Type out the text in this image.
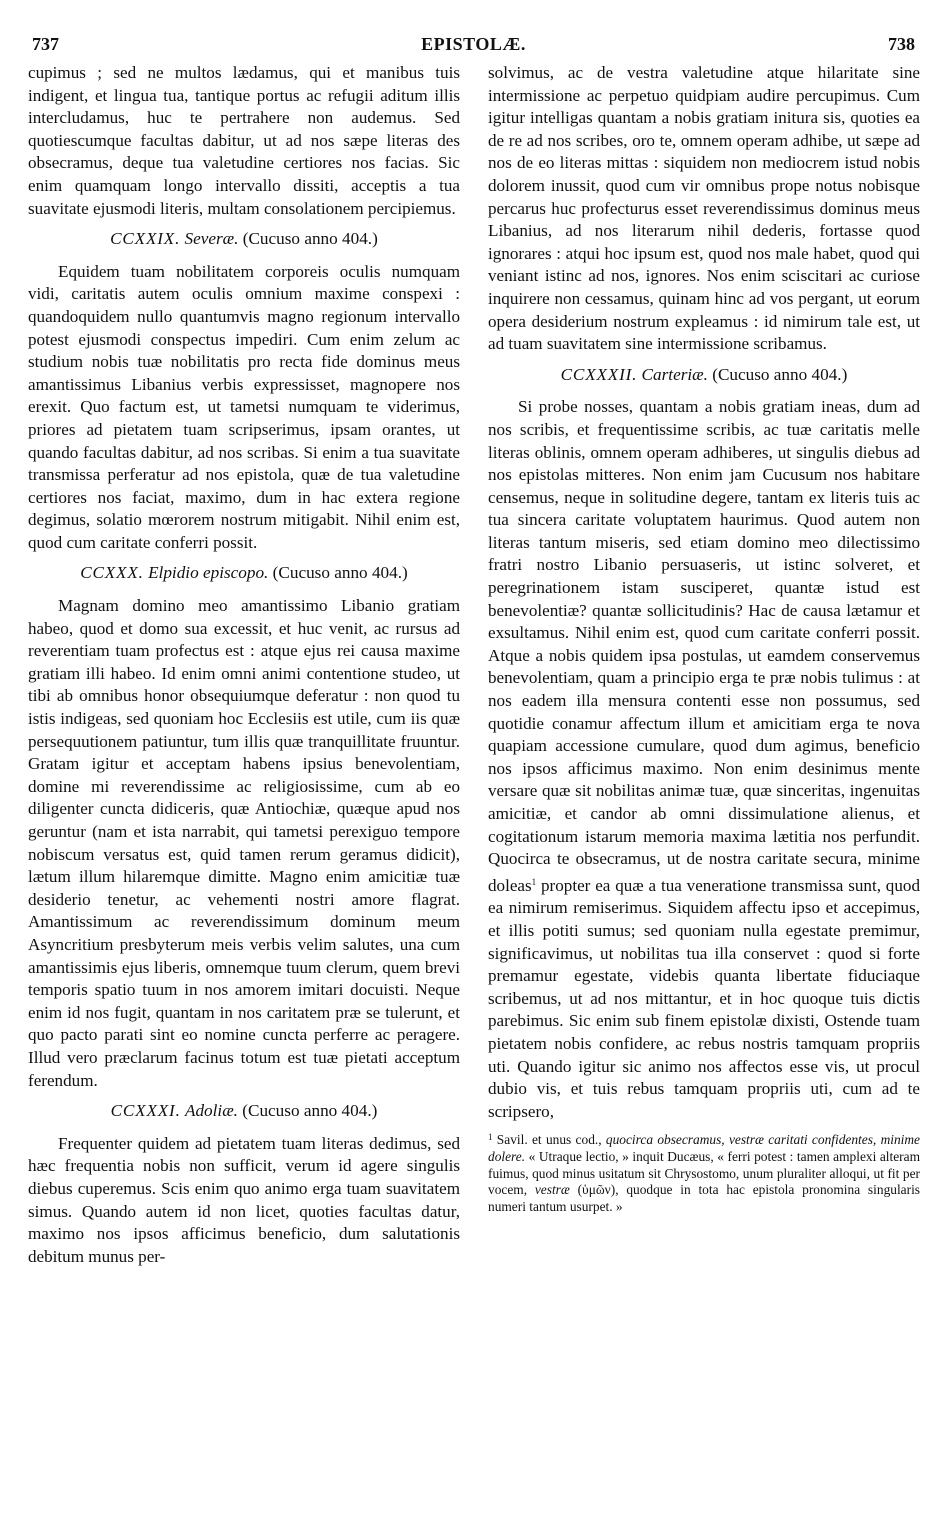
737	EPISTOLÆ.	738

cupimus ; sed ne multos lædamus, qui et manibus tuis indigent, et lingua tua, tantique portus ac refugii aditum illis intercludamus, huc te pertrahere non audemus. Sed quotiescumque facultas dabitur, ut ad nos sæpe literas des obsecramus, deque tua valetudine certiores nos facias. Sic enim quamquam longo intervallo dissiti, acceptis a tua suavitate ejusmodi literis, multam consolationem percipiemus.

CCXXIX. Severæ. (Cucuso anno 404.)

Equidem tuam nobilitatem corporeis oculis numquam vidi, caritatis autem oculis omnium maxime conspexi : quandoquidem nullo quantumvis magno regionum intervallo potest ejusmodi conspectus impediri. Cum enim zelum ac studium nobis tuæ nobilitatis pro recta fide dominus meus amantissimus Libanius verbis expressisset, magnopere nos erexit. Quo factum est, ut tametsi numquam te viderimus, priores ad pietatem tuam scripserimus, ipsam orantes, ut quando facultas dabitur, ad nos scribas. Si enim a tua suavitate transmissa perferatur ad nos epistola, quæ de tua valetudine certiores nos faciat, maximo, dum in hac extera regione degimus, solatio mœrorem nostrum mitigabit. Nihil enim est, quod cum caritate conferri possit.

CCXXX. Elpidio episcopo. (Cucuso anno 404.)

Magnam domino meo amantissimo Libanio gratiam habeo, quod et domo sua excessit, et huc venit, ac rursus ad reverentiam tuam profectus est : atque ejus rei causa maxime gratiam illi habeo. Id enim omni animi contentione studeo, ut tibi ab omnibus honor obsequiumque deferatur : non quod tu istis indigeas, sed quoniam hoc Ecclesiis est utile, cum iis quæ persequutionem patiuntur, tum illis quæ tranquillitate fruuntur. Gratam igitur et acceptam habens ipsius benevolentiam, domine mi reverendissime ac religiosissime, cum ab eo diligenter cuncta didiceris, quæ Antiochiæ, quæque apud nos geruntur (nam et ista narrabit, qui tametsi perexiguo tempore nobiscum versatus est, quid tamen rerum geramus didicit), lætum illum hilaremque dimitte. Magno enim amicitiæ tuæ desiderio tenetur, ac vehementi nostri amore flagrat. Amantissimum ac reverendissimum dominum meum Asyncritium presbyterum meis verbis velim salutes, una cum amantissimis ejus liberis, omnemque tuum clerum, quem brevi temporis spatio tuum in nos amorem imitari docuisti. Neque enim id nos fugit, quantam in nos caritatem præ se tulerunt, et quo pacto parati sint eo nomine cuncta perferre ac peragere. Illud vero præclarum facinus totum est tuæ pietati acceptum ferendum.

CCXXXI. Adoliæ. (Cucuso anno 404.)

Frequenter quidem ad pietatem tuam literas dedimus, sed hæc frequentia nobis non sufficit, verum id agere singulis diebus cuperemus. Scis enim quo animo erga tuam suavitatem simus. Quando autem id non licet, quoties facultas datur, maximo nos ipsos afficimus beneficio, dum salutationis debitum munus per-

solvimus, ac de vestra valetudine atque hilaritate sine intermissione ac perpetuo quidpiam audire percupimus. Cum igitur intelligas quantam a nobis gratiam initura sis, quoties ea de re ad nos scribes, oro te, omnem operam adhibe, ut sæpe ad nos de eo literas mittas : siquidem non mediocrem istud nobis dolorem inussit, quod cum vir omnibus prope notus nobisque percarus huc profecturus esset reverendissimus dominus meus Libanius, ad nos literarum nihil dederis, fortasse quod ignorares : atqui hoc ipsum est, quod nos male habet, quod qui veniant istinc ad nos, ignores. Nos enim sciscitari ac curiose inquirere non cessamus, quinam hinc ad vos pergant, ut eorum opera desiderium nostrum expleamus : id nimirum tale est, ut ad tuam suavitatem sine intermissione scribamus.

CCXXXII. Carteriæ. (Cucuso anno 404.)

Si probe nosses, quantam a nobis gratiam ineas, dum ad nos scribis, et frequentissime scribis, ac tuæ caritatis melle literas oblinis, omnem operam adhiberes, ut singulis diebus ad nos epistolas mitteres. Non enim jam Cucusum nos habitare censemus, neque in solitudine degere, tantam ex literis tuis ac tua sincera caritate voluptatem haurimus. Quod autem non literas tantum miseris, sed etiam domino meo dilectissimo fratri nostro Libanio persuaseris, ut istinc solveret, et peregrinationem istam susciperet, quantæ istud est benevolentiæ? quantæ sollicitudinis? Hac de causa lætamur et exsultamus. Nihil enim est, quod cum caritate conferri possit. Atque a nobis quidem ipsa postulas, ut eamdem conservemus benevolentiam, quam a principio erga te præ nobis tulimus : at nos eadem illa mensura contenti esse non possumus, sed quotidie conamur affectum illum et amicitiam erga te nova quapiam accessione cumulare, quod dum agimus, beneficio nos ipsos afficimus maximo. Non enim desinimus mente versare quæ sit nobilitas animæ tuæ, quæ sinceritas, ingenuitas amicitiæ, et candor ab omni dissimulatione alienus, et cogitationum istarum memoria maxima lætitia nos perfundit. Quocirca te obsecramus, ut de nostra caritate secura, minime doleas$^1$ propter ea quæ a tua veneratione transmissa sunt, quod ea nimirum remiserimus. Siquidem affectu ipso et accepimus, et illis potiti sumus; sed quoniam nulla egestate premimur, significavimus, ut nobilitas tua illa conservet : quod si forte premamur egestate, videbis quanta libertate fiduciaque scribemus, ut ad nos mittantur, et in hoc quoque tuis dictis parebimus. Sic enim sub finem epistolæ dixisti, Ostende tuam pietatem nobis confidere, ac rebus nostris tamquam propriis uti. Quando igitur sic animo nos affectos esse vis, ut procul dubio vis, et tuis rebus tamquam propriis uti, cum ad te scripsero,

$^1$ Savil. et unus cod., quocirca obsecramus, vestræ caritati confidentes, minime dolere. « Utraque lectio, » inquit Ducæus, « ferri potest : tamen amplexi alteram fuimus, quod minus usitatum sit Chrysostomo, unum pluraliter alloqui, ut fit per vocem, vestræ (ὑμῶν), quodque in tota hac epistola pronomina singularis numeri tantum usurpet. »
